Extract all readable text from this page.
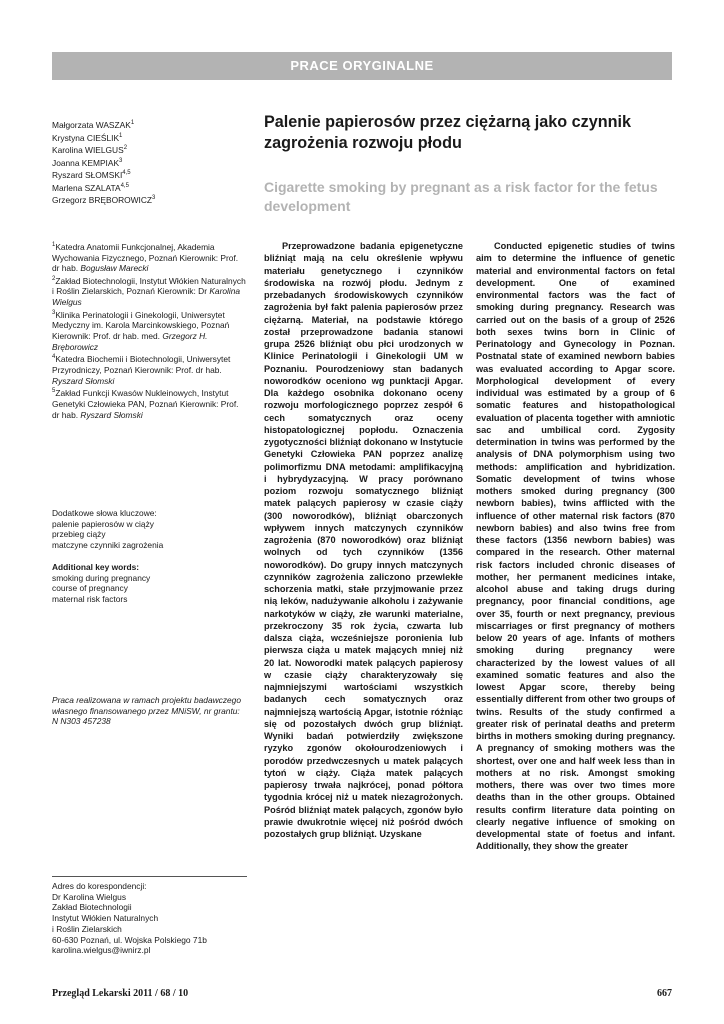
PRACE ORYGINALNE

Małgorzata WASZAK$^1$

Krystyna CIEŚLIK$^1$

Karolina WIELGUS$^2$

Joanna KEMPIAK$^3$

Ryszard SŁOMSKI$^{4,5}$

Marlena SZALATA$^{4,5}$

Grzegorz BRĘBOROWICZ$^3$

Palenie papierosów przez ciężarną jako czynnik zagrożenia rozwoju płodu
Cigarette smoking by pregnant as a risk factor for the fetus development

$^1$Katedra Anatomii Funkcjonalnej, Akademia Wychowania Fizycznego, Poznań Kierownik: Prof. dr hab. Bogusław Marecki

$^2$Zakład Biotechnologii, Instytut Włókien Naturalnych i Roślin Zielarskich, Poznań Kierownik: Dr Karolina Wielgus

$^3$Klinika Perinatologii i Ginekologii, Uniwersytet Medyczny im. Karola Marcinkowskiego, Poznań Kierownik: Prof. dr hab. med. Grzegorz H. Bręborowicz

$^4$Katedra Biochemii i Biotechnologii, Uniwersytet Przyrodniczy, Poznań Kierownik: Prof. dr hab. Ryszard Słomski

$^5$Zakład Funkcji Kwasów Nukleinowych, Instytut Genetyki Człowieka PAN, Poznań Kierownik: Prof. dr hab. Ryszard Słomski

Dodatkowe słowa kluczowe:

palenie papierosów w ciąży

przebieg ciąży

matczyne czynniki zagrożenia

Additional key words:

smoking during pregnancy

course of pregnancy

maternal risk factors

Praca realizowana w ramach projektu badawczego własnego finansowanego przez MNiSW, nr grantu: N N303 457238

Adres do korespondencji:

Dr Karolina Wielgus

Zakład Biotechnologii

Instytut Włókien Naturalnych

i Roślin Zielarskich

60-630 Poznań, ul. Wojska Polskiego 71b

karolina.wielgus@iwnirz.pl

Przeprowadzone badania epigenetyczne bliźniąt mają na celu określenie wpływu materiału genetycznego i czynników środowiska na rozwój płodu. Jednym z przebadanych środowiskowych czynników zagrożenia był fakt palenia papierosów przez ciężarną. Materiał, na podstawie którego został przeprowadzone badania stanowi grupa 2526 bliźniąt obu płci urodzonych w Klinice Perinatologii i Ginekologii UM w Poznaniu. Pourodzeniowy stan badanych noworodków oceniono wg punktacji Apgar. Dla każdego osobnika dokonano oceny rozwoju morfologicznego poprzez zespół 6 cech somatycznych oraz oceny histopatologicznej popłodu. Oznaczenia zygotyczności bliźniąt dokonano w Instytucie Genetyki Człowieka PAN poprzez analizę polimorfizmu DNA metodami: amplifikacyjną i hybrydyzacyjną. W pracy porównano poziom rozwoju somatycznego bliźniąt matek palących papierosy w czasie ciąży (300 noworodków), bliźniąt obarczonych wpływem innych matczynych czynników zagrożenia (870 noworodków) oraz bliźniąt wolnych od tych czynników (1356 noworodków). Do grupy innych matczynych czynników zagrożenia zaliczono przewlekłe schorzenia matki, stałe przyjmowanie przez nią leków, nadużywanie alkoholu i zażywanie narkotyków w ciąży, złe warunki materialne, przekroczony 35 rok życia, czwarta lub dalsza ciąża, wcześniejsze poronienia lub pierwsza ciąża u matek mających mniej niż 20 lat. Noworodki matek palących papierosy w czasie ciąży charakteryzowały się najmniejszymi wartościami wszystkich badanych cech somatycznych oraz najmniejszą wartością Apgar, istotnie różniąc się od pozostałych dwóch grup bliźniąt. Wyniki badań potwierdziły zwiększone ryzyko zgonów okołourodzeniowych i porodów przedwczesnych u matek palących tytoń w ciąży. Ciąża matek palących papierosy trwała najkrócej, ponad półtora tygodnia krócej niż u matek niezagrożonych. Pośród bliźniąt matek palących, zgonów było prawie dwukrotnie więcej niż pośród dwóch pozostałych grup bliźniąt. Uzyskane

Conducted epigenetic studies of twins aim to determine the influence of genetic material and environmental factors on fetal development. One of examined environmental factors was the fact of smoking during pregnancy. Research was carried out on the basis of a group of 2526 both sexes twins born in Clinic of Perinatology and Gynecology in Poznan. Postnatal state of examined newborn babies was evaluated according to Apgar score. Morphological development of every individual was estimated by a group of 6 somatic features and histopathological evaluation of placenta together with amniotic sac and umbilical cord. Zygosity determination in twins was performed by the analysis of DNA polymorphism using two methods: amplification and hybridization. Somatic development of twins whose mothers smoked during pregnancy (300 newborn babies), twins afflicted with the influence of other maternal risk factors (870 newborn babies) and also twins free from these factors (1356 newborn babies) was compared in the research. Other maternal risk factors included chronic diseases of mother, her permanent medicines intake, alcohol abuse and taking drugs during pregnancy, poor financial conditions, age over 35, fourth or next pregnancy, previous miscarriages or first pregnancy of mothers below 20 years of age. Infants of mothers smoking during pregnancy were characterized by the lowest values of all examined somatic features and also the lowest Apgar score, thereby being essentially different from other two groups of twins. Results of the study confirmed a greater risk of perinatal deaths and preterm births in mothers smoking during pregnancy. A pregnancy of smoking mothers was the shortest, over one and half week less than in mothers at no risk. Amongst smoking mothers, there was over two times more deaths than in the other groups. Obtained results confirm literature data pointing on clearly negative influence of smoking on developmental state of foetus and infant. Additionally, they show the greater

Przegląd Lekarski 2011 / 68 / 10	667
